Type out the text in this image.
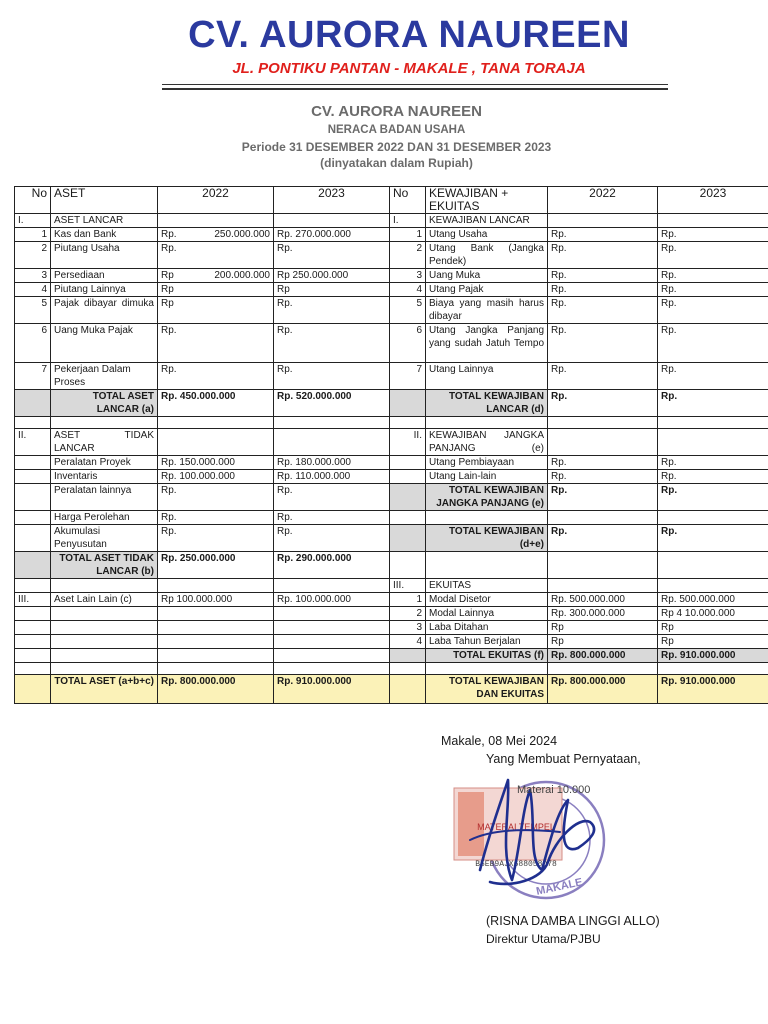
CV. AURORA NAUREEN
JL. PONTIKU PANTAN - MAKALE , TANA TORAJA
CV. AURORA NAUREEN
NERACA BADAN USAHA
Periode 31 DESEMBER 2022 DAN 31 DESEMBER 2023
(dinyatakan dalam Rupiah)
No	ASET	2022	2023	No	KEWAJIBAN + EKUITAS	2022	2023
I.	ASET LANCAR			I.	KEWAJIBAN LANCAR		
1	Kas dan Bank	Rp. 250.000.000	Rp. 270.000.000	1	Utang Usaha	Rp.	Rp.
2	Piutang Usaha	Rp.	Rp.	2	Utang Bank (Jangka Pendek)	Rp.	Rp.
3	Persediaan	Rp 200.000.000	Rp 250.000.000	3	Uang Muka	Rp.	Rp.
4	Piutang Lainnya	Rp	Rp	4	Utang Pajak	Rp.	Rp.
5	Pajak dibayar dimuka	Rp	Rp.	5	Biaya yang masih harus dibayar	Rp.	Rp.
6	Uang Muka Pajak	Rp.	Rp.	6	Utang Jangka Panjang yang sudah Jatuh Tempo	Rp.	Rp.
7	Pekerjaan Dalam Proses	Rp.	Rp.	7	Utang Lainnya	Rp.	Rp.
	TOTAL ASET LANCAR (a)	Rp. 450.000.000	Rp. 520.000.000		TOTAL KEWAJIBAN LANCAR (d)	Rp.	Rp.

II.	ASET TIDAK LANCAR			II.	KEWAJIBAN JANGKA PANJANG (e)		
	Peralatan Proyek	Rp. 150.000.000	Rp. 180.000.000		Utang Pembiayaan	Rp.	Rp.
	Inventaris	Rp. 100.000.000	Rp. 110.000.000		Utang Lain-lain	Rp.	Rp.
	Peralatan lainnya	Rp.	Rp.		TOTAL KEWAJIBAN JANGKA PANJANG (e)	Rp.	Rp.
	Harga Perolehan	Rp.	Rp.				
	Akumulasi Penyusutan	Rp.	Rp.		TOTAL KEWAJIBAN (d+e)	Rp.	Rp.
	TOTAL ASET TIDAK LANCAR (b)	Rp. 250.000.000	Rp. 290.000.000				
				III.	EKUITAS		
III.	Aset Lain Lain (c)	Rp 100.000.000	Rp. 100.000.000	1	Modal Disetor	Rp. 500.000.000	Rp. 500.000.000
				2	Modal Lainnya	Rp. 300.000.000	Rp 4 10.000.000
				3	Laba Ditahan	Rp	Rp
				4	Laba Tahun Berjalan	Rp	Rp
					TOTAL EKUITAS (f)	Rp. 800.000.000	Rp. 910.000.000

	TOTAL ASET (a+b+c)	Rp. 800.000.000	Rp. 910.000.000		TOTAL KEWAJIBAN DAN EKUITAS	Rp. 800.000.000	Rp. 910.000.000
Makale, 08 Mei 2024
Yang Membuat Pernyataan,
MATERAI TEMPEL
B5EB9AJX688058078
MAKALE
Materai 10.000
(RISNA DAMBA LINGGI ALLO)
Direktur Utama/PJBU
